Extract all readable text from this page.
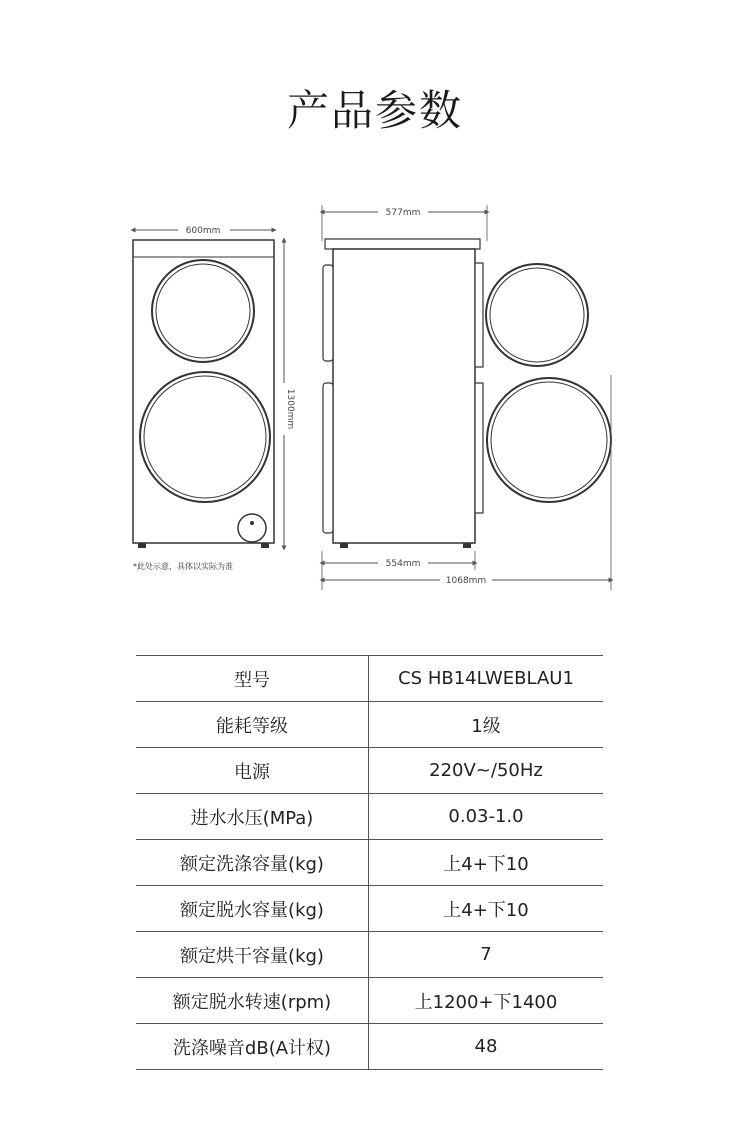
产品参数
600mm
1300mm
*此处示意，具体以实际为准
577mm
554mm
1068mm
型号	CS HB14LWEBLAU1
能耗等级	1级
电源	220V~/50Hz
进水水压(MPa)	0.03-1.0
额定洗涤容量(kg)	上4+下10
额定脱水容量(kg)	上4+下10
额定烘干容量(kg)	7
额定脱水转速(rpm)	上1200+下1400
洗涤噪音dB(A计权)	48
